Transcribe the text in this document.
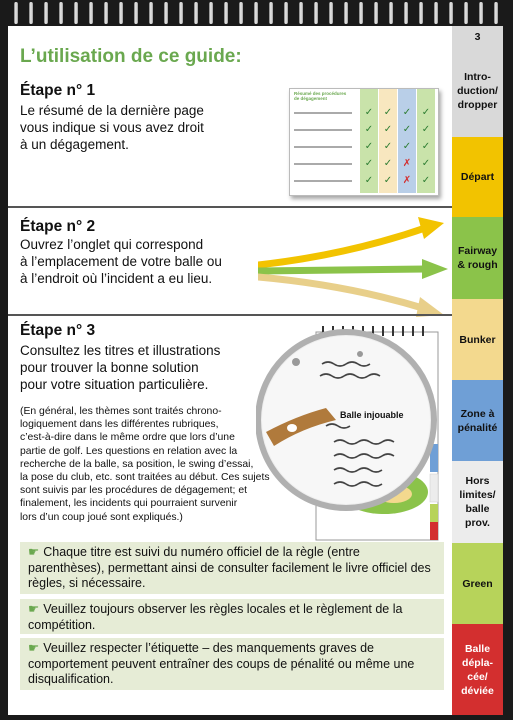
L’utilisation de ce guide:
Étape n° 1
Le résumé de la dernière page
vous indique si vous avez droit
à un dégagement.
Résumé des procédures
de dégagement
✓	✓	✓	✓
✓	✓	✓	✓
✓	✓	✓	✓
✓	✓	✗	✓
✓	✓	✗	✓
Étape n° 2
Ouvrez l’onglet qui correspond
à l’emplacement de votre balle ou
à l’endroit où l’incident a eu lieu.
Étape n° 3
Consultez les titres et illustrations
pour trouver la bonne solution
pour votre situation particulière.
(En général, les thèmes sont traités chrono-
logiquement dans les différentes rubriques,
c’est-à-dire dans le même ordre que lors d’une
partie de golf. Les questions en relation avec la
recherche de la balle, sa position, le swing d’essai,
la pose du club, etc. sont traitées au début. Ces sujets
sont suivis par les procédures de dégagement; et
finalement, les incidents qui pourraient survenir
lors d’un coup joué sont expliqués.)
Balle injouable
☛ Chaque titre est suivi du numéro officiel de la règle (entre parenthèses), permettant ainsi de consulter facilement le livre officiel des règles, si nécessaire.
☛ Veuillez toujours observer les règles locales et le règlement de la compétition.
☛ Veuillez respecter l’étiquette – des manquements graves de comportement peuvent entraîner des coups de pénalité ou même une disqualification.
3
Intro-
duction/
dropper
Départ
Fairway
& rough
Bunker
Zone à
pénalité
Hors
limites/
balle
prov.
Green
Balle
dépla-
cée/
déviée
